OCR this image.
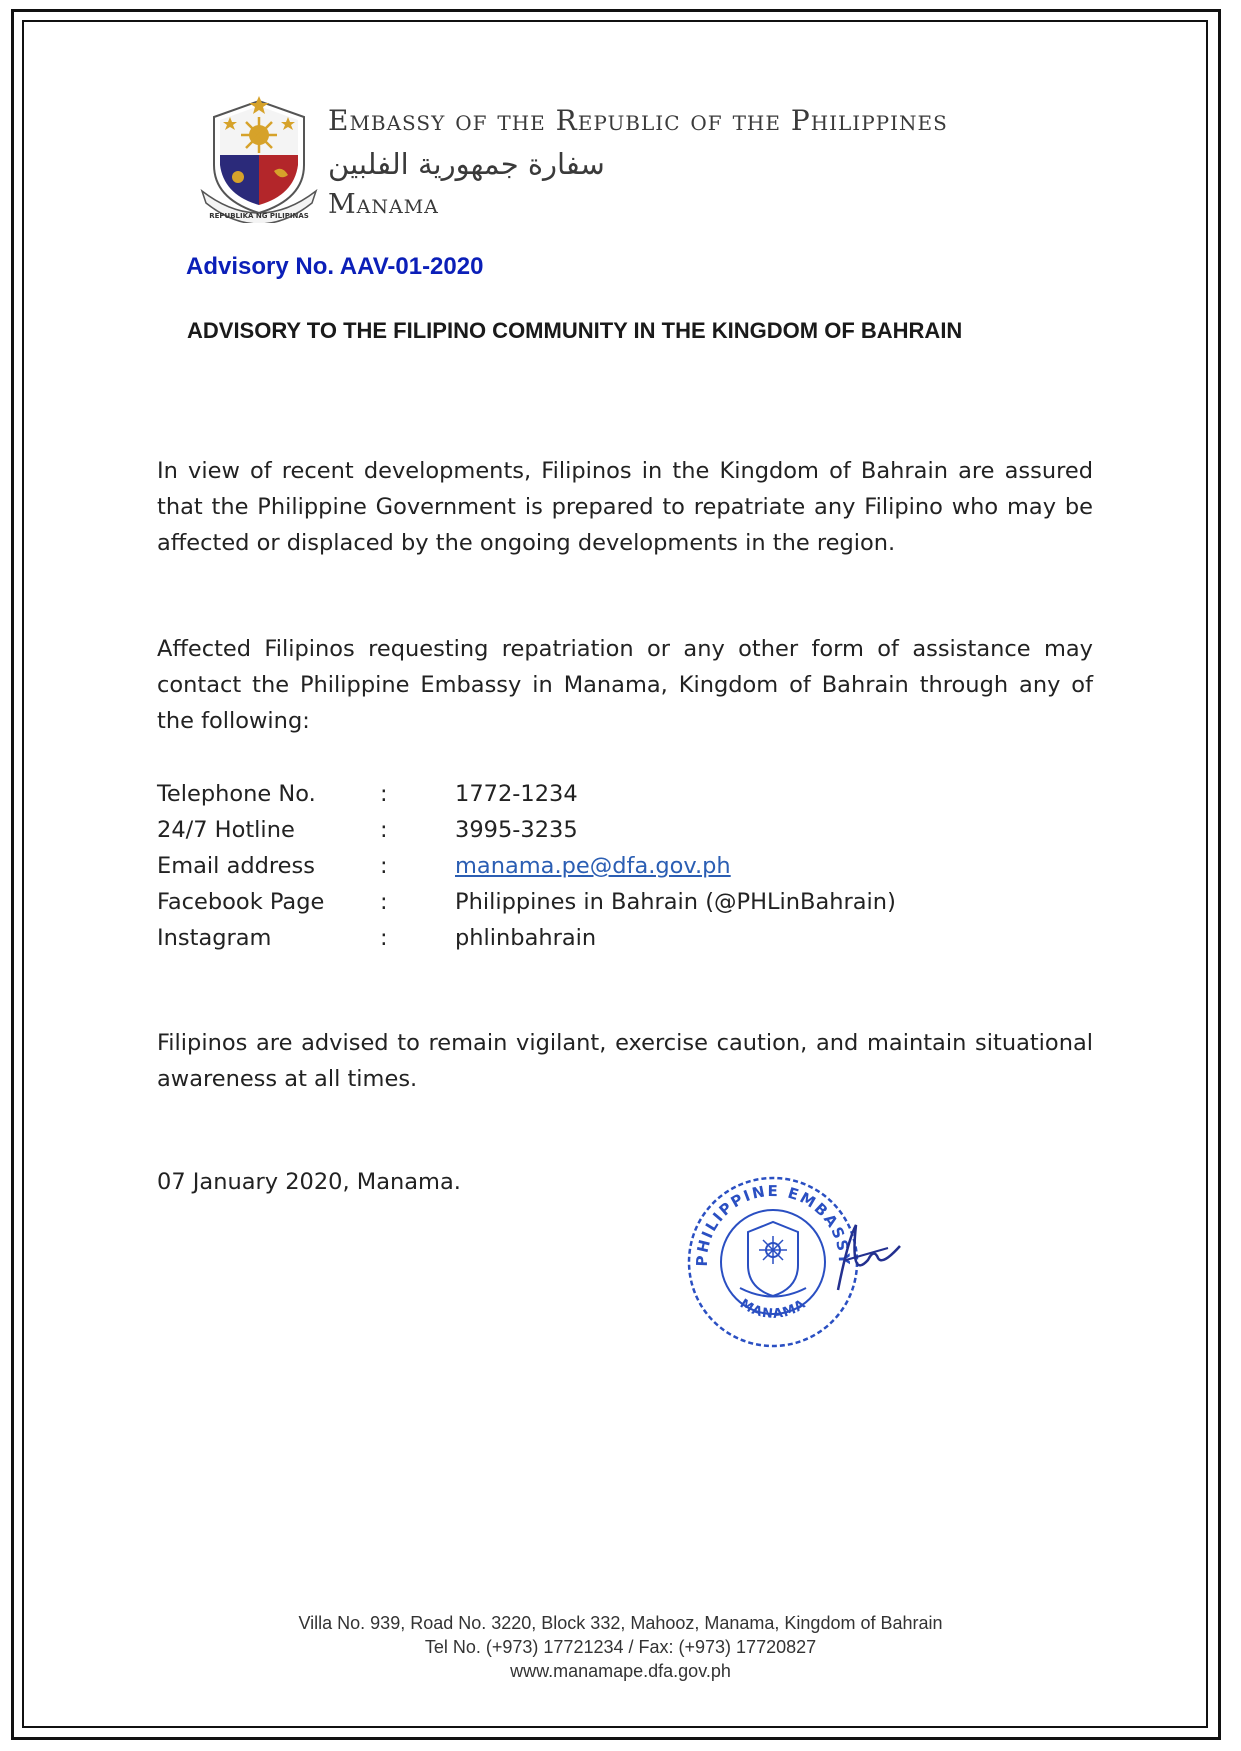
REPUBLIKA NG PILIPINAS
Embassy of the Republic of the Philippines
سفارة جمهورية الفلبين
Manama
Advisory No. AAV-01-2020
ADVISORY TO THE FILIPINO COMMUNITY IN THE KINGDOM OF BAHRAIN
In view of recent developments, Filipinos in the Kingdom of Bahrain are assured that the Philippine Government is prepared to repatriate any Filipino who may be affected or displaced by the ongoing developments in the region.
Affected Filipinos requesting repatriation or any other form of assistance may contact the Philippine Embassy in Manama, Kingdom of Bahrain through any of the following:
Telephone No.	:	1772-1234
24/7 Hotline	:	3995-3235
Email address	:	manama.pe@dfa.gov.ph
Facebook Page :	Philippines in Bahrain (@PHLinBahrain)
Instagram	:	phlinbahrain
Filipinos are advised to remain vigilant, exercise caution, and maintain situational awareness at all times.
07 January 2020, Manama.
PHILIPPINE EMBASSY
MANAMA
Villa No. 939, Road No. 3220, Block 332, Mahooz, Manama, Kingdom of Bahrain
Tel No. (+973) 17721234 / Fax: (+973) 17720827
www.manamape.dfa.gov.ph
